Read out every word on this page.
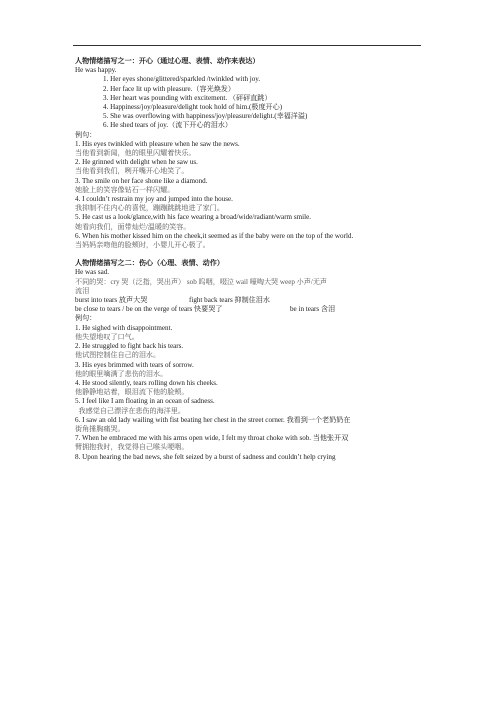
人物情绪描写之一：开心（通过心理、表情、动作来表达）
He was happy.
1. Her eyes shone/glittered/sparkled /twinkled with joy.
2. Her face lit up with pleasure.（容光焕发）
3. Her heart was pounding with excitement. （砰砰直跳）
4. Happiness/joy/pleasure/delight took hold of him.(极度开心)
5. She was overflowing with happiness/joy/pleasure/delight.(幸福洋溢)
6. He shed tears of joy.（流下开心的泪水）
例句：
1. His eyes twinkled with pleasure when he saw the news.
当他看到新闻，他的眼里闪耀着快乐。
2. He grinned with delight when he saw us.
当他看到我们，咧开嘴开心地笑了。
3. The smile on her face shone like a diamond.
她脸上的笑容像钻石一样闪耀。
4. I couldn’t restrain my joy and jumped into the house.
我抑制不住内心的喜悦，蹦蹦跳跳地进了家门。
5. He cast us a look/glance,with his face wearing a broad/wide/radiant/warm smile.
她看向我们，面带灿烂/温暖的笑容。
6. When his mother kissed him on the cheek,it seemed as if the baby were on the top of the world.
当妈妈亲吻他的脸颊时，小婴儿开心极了。
人物情绪描写之二：伤心（心理、表情、动作）
He was sad.
不同的哭：cry 哭（泛指，哭出声） sob 呜咽，啜泣 wail 嚎啕大哭 weep 小声/无声
流泪
burst into tears 放声大哭	fight back tears 抑制住泪水
be close to tears / be on the verge of tears 快要哭了	be in tears 含泪
例句：
1. He sighed with disappointment.
他失望地叹了口气。
2. He struggled to fight back his tears.
他试图控制住自己的泪水。
3. His eyes brimmed with tears of sorrow.
他的眼里噙满了悲伤的泪水。
4. He stood silently, tears rolling down his cheeks.
他静静地站着，眼泪流下他的脸颊。
5. I feel like I am floating in an ocean of sadness.
我感觉自己漂浮在悲伤的海洋里。
6. I saw an old lady wailing with fist beating her chest in the street corner. 我看到一个老奶奶在
街角捶胸痛哭。
7. When he embraced me with his arms open wide, I felt my throat choke with sob. 当他张开双
臂拥抱我时，我觉得自己喉头哽咽。
8. Upon hearing the bad news, she felt seized by a burst of sadness and couldn’t help crying
